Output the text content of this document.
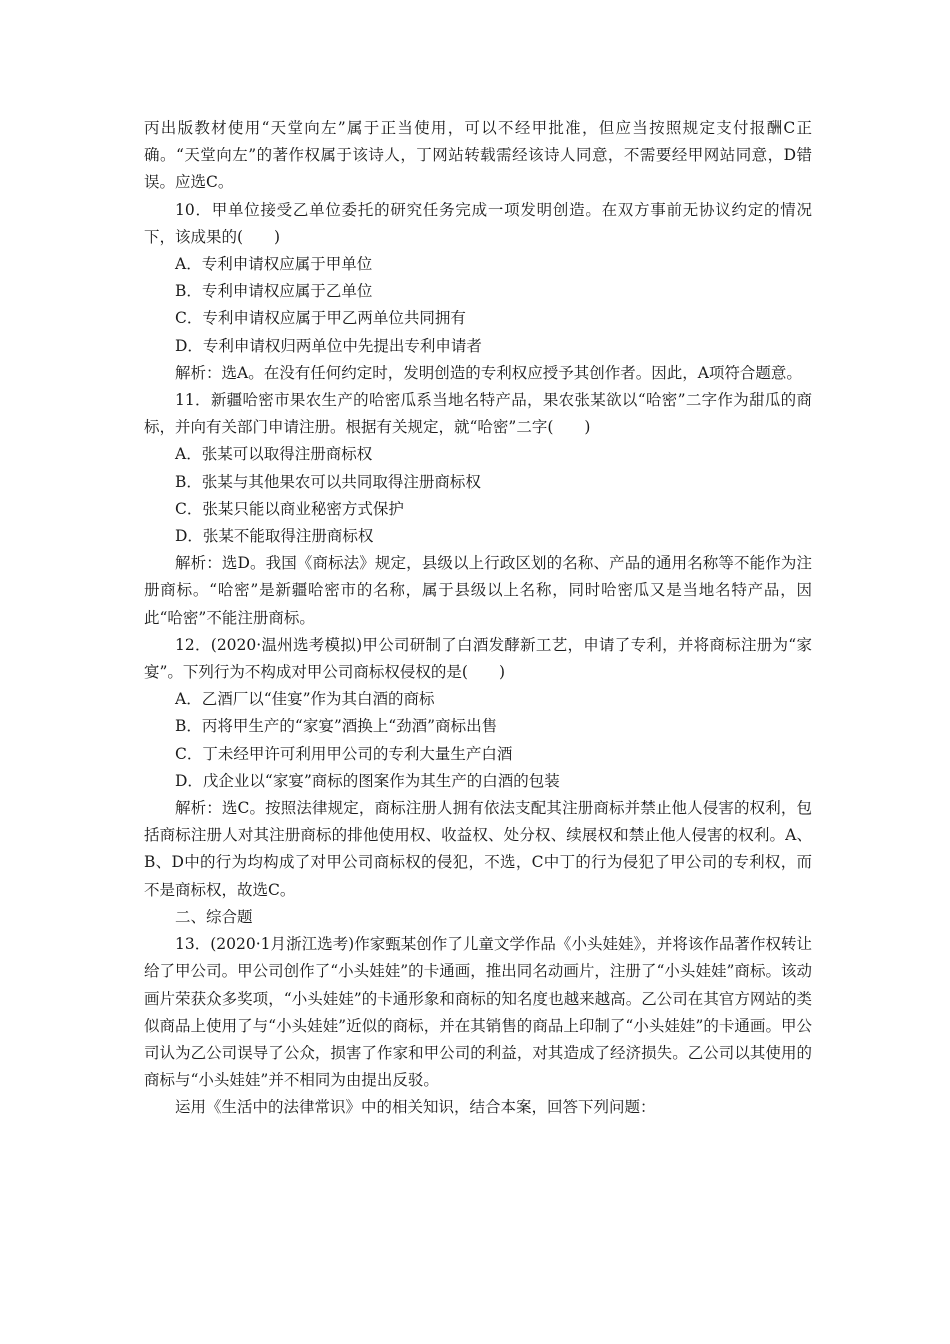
丙出版教材使用“天堂向左”属于正当使用，可以不经甲批准，但应当按照规定支付报酬C正确。“天堂向左”的著作权属于该诗人，丁网站转载需经该诗人同意，不需要经甲网站同意，D错误。应选C。

10．甲单位接受乙单位委托的研究任务完成一项发明创造。在双方事前无协议约定的情况下，该成果的(　　)

A．专利申请权应属于甲单位

B．专利申请权应属于乙单位

C．专利申请权应属于甲乙两单位共同拥有

D．专利申请权归两单位中先提出专利申请者

解析：选A。在没有任何约定时，发明创造的专利权应授予其创作者。因此，A项符合题意。

11．新疆哈密市果农生产的哈密瓜系当地名特产品，果农张某欲以“哈密”二字作为甜瓜的商标，并向有关部门申请注册。根据有关规定，就“哈密”二字(　　)

A．张某可以取得注册商标权

B．张某与其他果农可以共同取得注册商标权

C．张某只能以商业秘密方式保护

D．张某不能取得注册商标权

解析：选D。我国《商标法》规定，县级以上行政区划的名称、产品的通用名称等不能作为注册商标。“哈密”是新疆哈密市的名称，属于县级以上名称，同时哈密瓜又是当地名特产品，因此“哈密”不能注册商标。

12．(2020·温州选考模拟)甲公司研制了白酒发酵新工艺，申请了专利，并将商标注册为“家宴”。下列行为不构成对甲公司商标权侵权的是(　　)

A．乙酒厂以“佳宴”作为其白酒的商标

B．丙将甲生产的“家宴”酒换上“劲酒”商标出售

C．丁未经甲许可利用甲公司的专利大量生产白酒

D．戊企业以“家宴”商标的图案作为其生产的白酒的包装

解析：选C。按照法律规定，商标注册人拥有依法支配其注册商标并禁止他人侵害的权利，包括商标注册人对其注册商标的排他使用权、收益权、处分权、续展权和禁止他人侵害的权利。A、B、D中的行为均构成了对甲公司商标权的侵犯，不选，C中丁的行为侵犯了甲公司的专利权，而不是商标权，故选C。

二、综合题

13．(2020·1月浙江选考)作家甄某创作了儿童文学作品《小头娃娃》，并将该作品著作权转让给了甲公司。甲公司创作了“小头娃娃”的卡通画，推出同名动画片，注册了“小头娃娃”商标。该动画片荣获众多奖项，“小头娃娃”的卡通形象和商标的知名度也越来越高。乙公司在其官方网站的类似商品上使用了与“小头娃娃”近似的商标，并在其销售的商品上印制了“小头娃娃”的卡通画。甲公司认为乙公司误导了公众，损害了作家和甲公司的利益，对其造成了经济损失。乙公司以其使用的商标与“小头娃娃”并不相同为由提出反驳。

运用《生活中的法律常识》中的相关知识，结合本案，回答下列问题：
